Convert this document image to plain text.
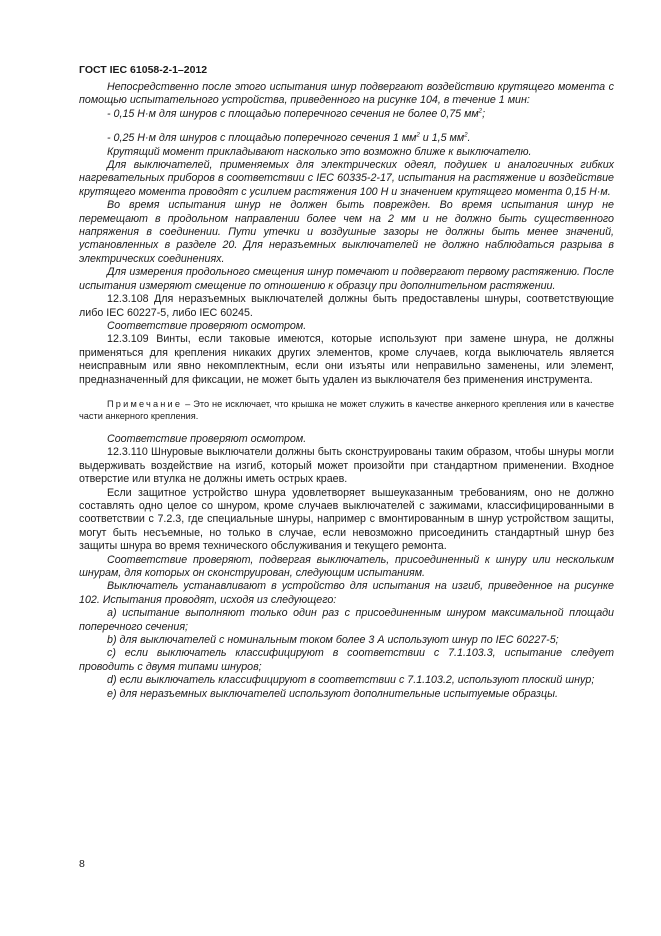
ГОСТ IEC 61058-2-1–2012

Непосредственно после этого испытания шнур подвергают воздействию крутящего момента с помощью испытательного устройства, приведенного на рисунке 104, в течение 1 мин:

- 0,15 Н·м для шнуров с площадью поперечного сечения не более 0,75 $мм^2$;

- 0,25 Н·м для шнуров с площадью поперечного сечения 1 $мм^2$ и 1,5 $мм^2$.

Крутящий момент прикладывают насколько это возможно ближе к выключателю.

Для выключателей, применяемых для электрических одеял, подушек и аналогичных гибких нагревательных приборов в соответствии с IEC 60335-2-17, испытания на растяжение и воздействие крутящего момента проводят с усилием растяжения 100 Н и значением крутящего момента 0,15 Н·м.

Во время испытания шнур не должен быть поврежден. Во время испытания шнур не перемещают в продольном направлении более чем на 2 мм и не должно быть существенного напряжения в соединении. Пути утечки и воздушные зазоры не должны быть менее значений, установленных в разделе 20. Для неразъемных выключателей не должно наблюдаться разрыва в электрических соединениях.

Для измерения продольного смещения шнур помечают и подвергают первому растяжению. После испытания измеряют смещение по отношению к образцу при дополнительном растяжении.

12.3.108 Для неразъемных выключателей должны быть предоставлены шнуры, соответствующие либо IEC 60227-5, либо IEC 60245.

Соответствие проверяют осмотром.

12.3.109 Винты, если таковые имеются, которые используют при замене шнура, не должны применяться для крепления никаких других элементов, кроме случаев, когда выключатель является неисправным или явно некомплектным, если они изъяты или неправильно заменены, или элемент, предназначенный для фиксации, не может быть удален из выключателя без применения инструмента.

Примечание – Это не исключает, что крышка не может служить в качестве анкерного крепления или в качестве части анкерного крепления.

Соответствие проверяют осмотром.

12.3.110 Шнуровые выключатели должны быть сконструированы таким образом, чтобы шнуры могли выдерживать воздействие на изгиб, который может произойти при стандартном применении. Входное отверстие или втулка не должны иметь острых краев.

Если защитное устройство шнура удовлетворяет вышеуказанным требованиям, оно не должно составлять одно целое со шнуром, кроме случаев выключателей с зажимами, классифицированными в соответствии с 7.2.3, где специальные шнуры, например с вмонтированным в шнур устройством защиты, могут быть несъемные, но только в случае, если невозможно присоединить стандартный шнур без защиты шнура во время технического обслуживания и текущего ремонта.

Соответствие проверяют, подвергая выключатель, присоединенный к шнуру или нескольким шнурам, для которых он сконструирован, следующим испытаниям.

Выключатель устанавливают в устройство для испытания на изгиб, приведенное на рисунке 102. Испытания проводят, исходя из следующего:

a) испытание выполняют только один раз с присоединенным шнуром максимальной площади поперечного сечения;

b) для выключателей с номинальным током более 3 А используют шнур по IEC 60227-5;

c) если выключатель классифицируют в соответствии с 7.1.103.3, испытание следует проводить с двумя типами шнуров;

d) если выключатель классифицируют в соответствии с 7.1.103.2, используют плоский шнур;

e) для неразъемных выключателей используют дополнительные испытуемые образцы.

8
